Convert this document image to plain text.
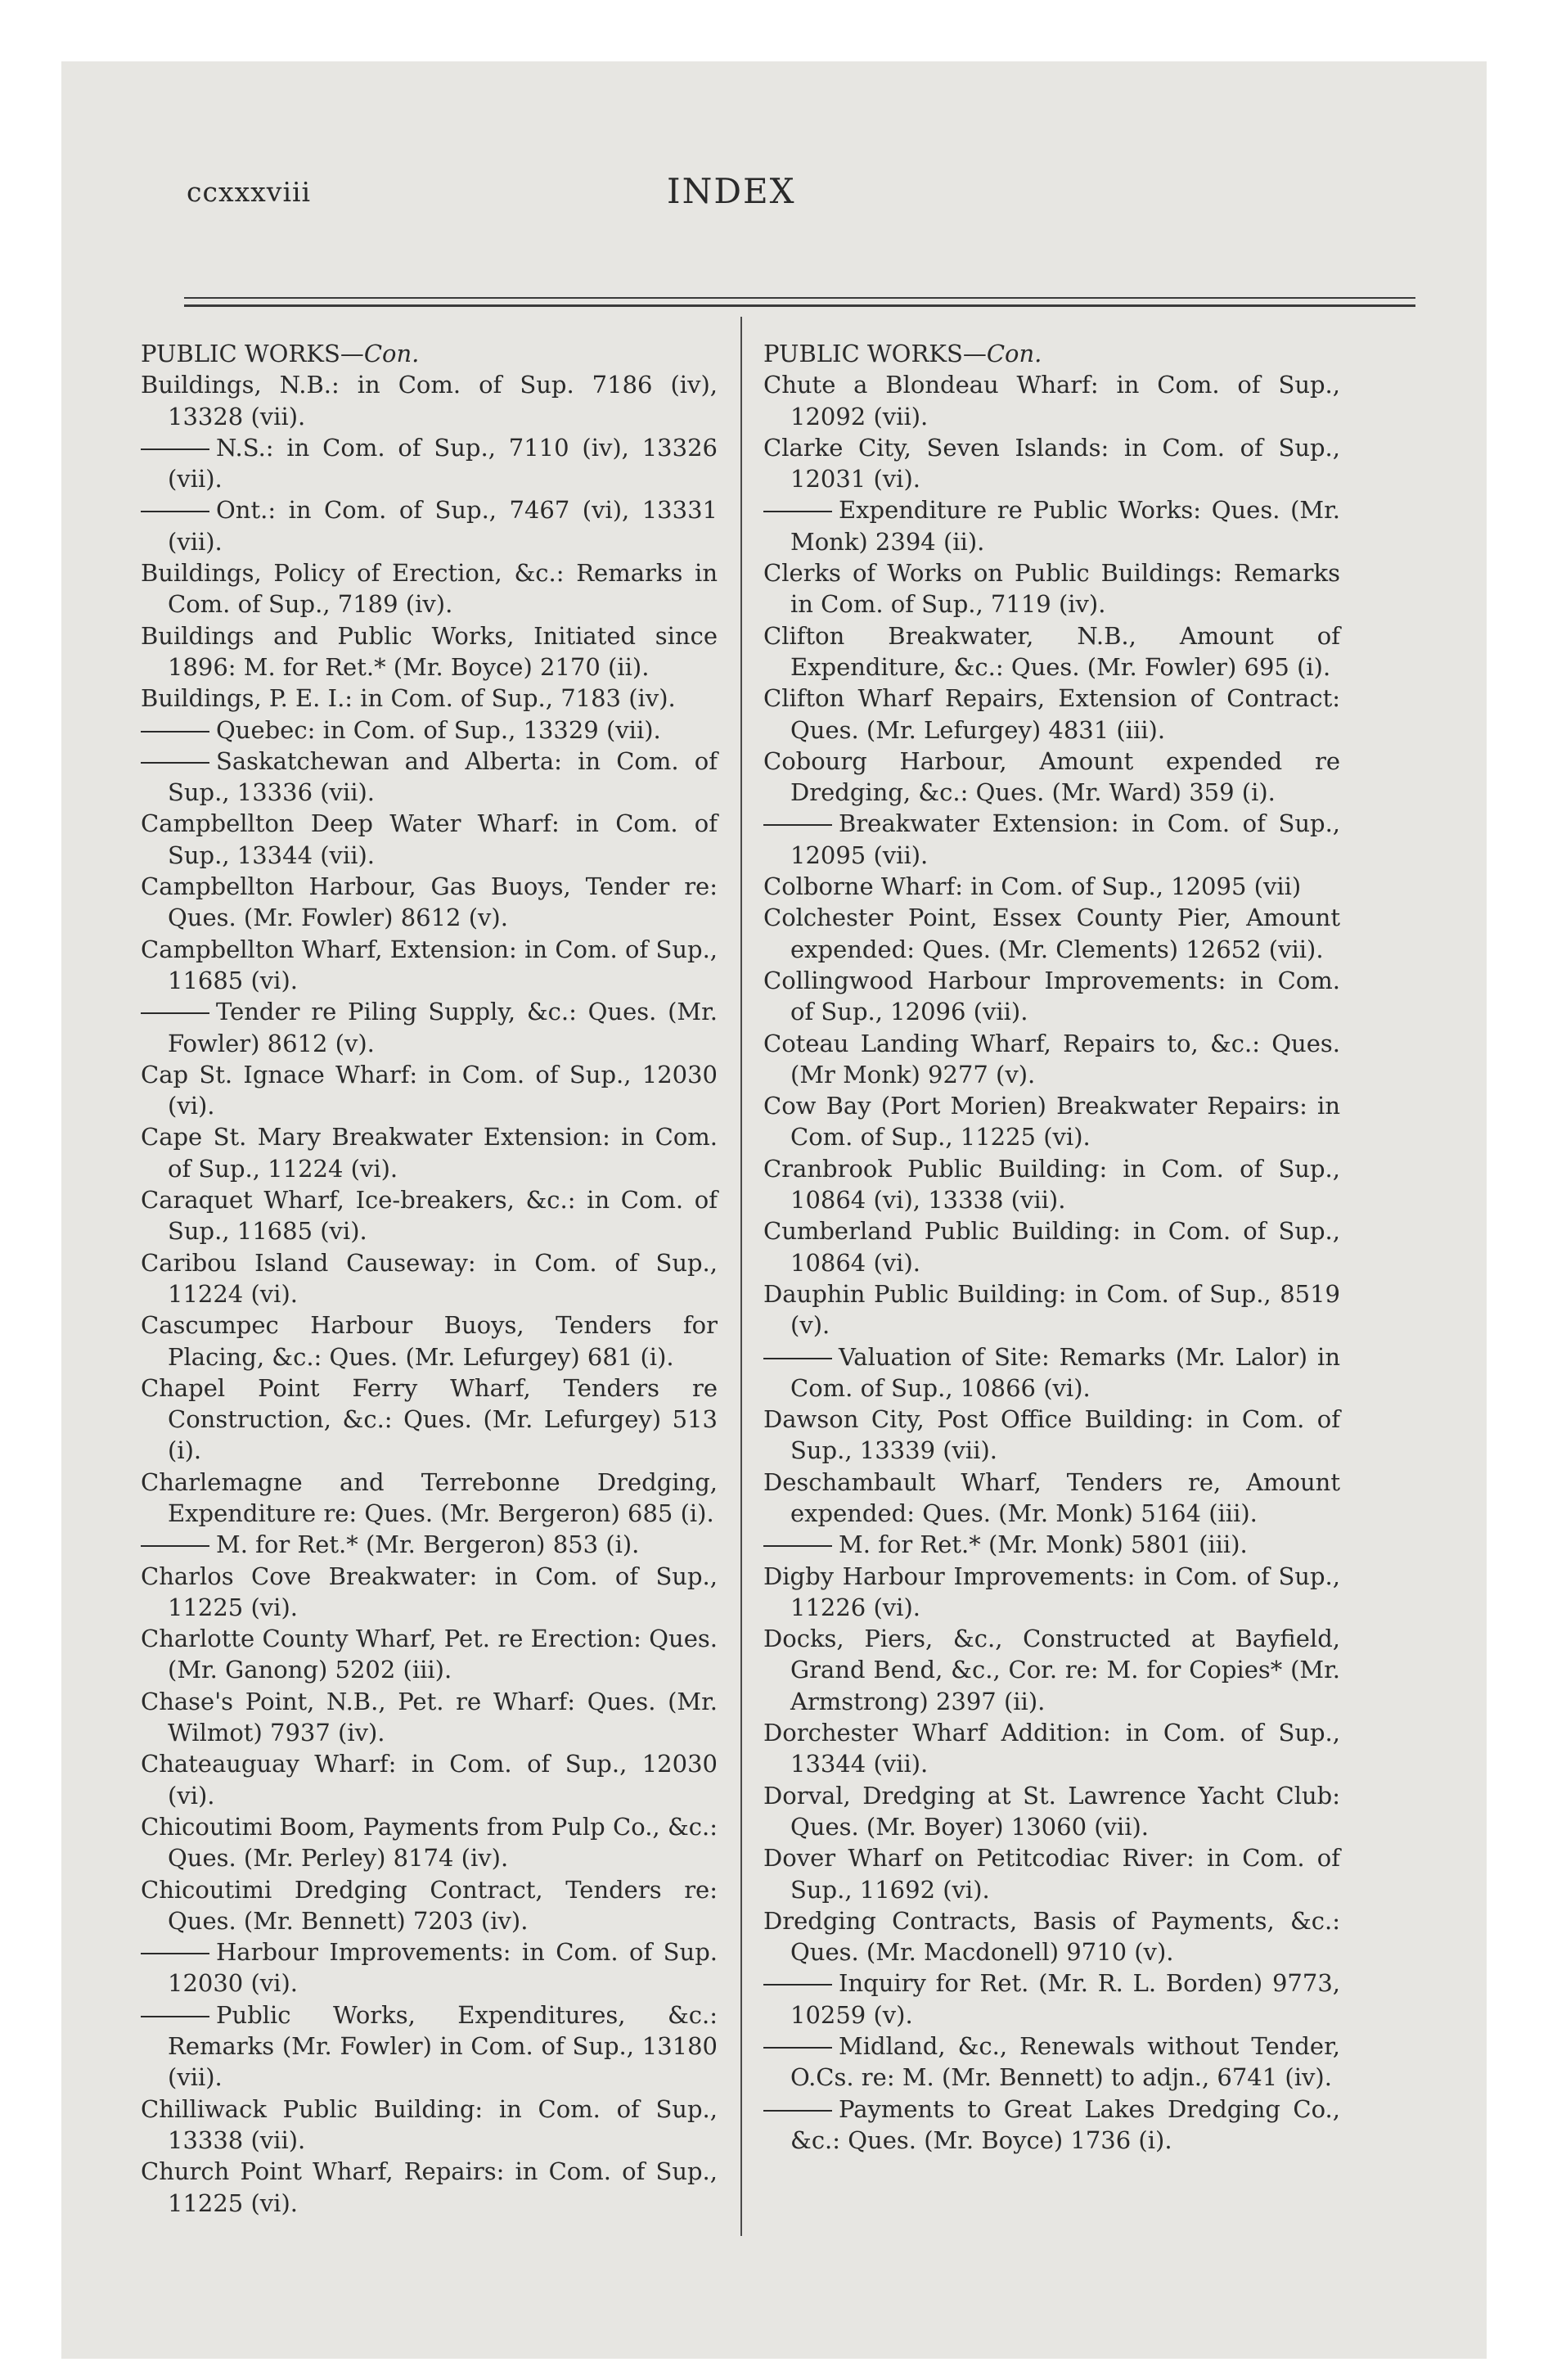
ccxxxviii	INDEX
PUBLIC WORKS—Con.
Buildings, N.B.: in Com. of Sup. 7186 (iv), 13328 (vii).
N.S.: in Com. of Sup., 7110 (iv), 13326 (vii).
Ont.: in Com. of Sup., 7467 (vi), 13331 (vii).
Buildings, Policy of Erection, &c.: Remarks in Com. of Sup., 7189 (iv).
Buildings and Public Works, Initiated since 1896: M. for Ret.* (Mr. Boyce) 2170 (ii).
Buildings, P. E. I.: in Com. of Sup., 7183 (iv).
Quebec: in Com. of Sup., 13329 (vii).
Saskatchewan and Alberta: in Com. of Sup., 13336 (vii).
Campbellton Deep Water Wharf: in Com. of Sup., 13344 (vii).
Campbellton Harbour, Gas Buoys, Tender re: Ques. (Mr. Fowler) 8612 (v).
Campbellton Wharf, Extension: in Com. of Sup., 11685 (vi).
Tender re Piling Supply, &c.: Ques. (Mr. Fowler) 8612 (v).
Cap St. Ignace Wharf: in Com. of Sup., 12030 (vi).
Cape St. Mary Breakwater Extension: in Com. of Sup., 11224 (vi).
Caraquet Wharf, Ice-breakers, &c.: in Com. of Sup., 11685 (vi).
Caribou Island Causeway: in Com. of Sup., 11224 (vi).
Cascumpec Harbour Buoys, Tenders for Placing, &c.: Ques. (Mr. Lefurgey) 681 (i).
Chapel Point Ferry Wharf, Tenders re Construction, &c.: Ques. (Mr. Lefurgey) 513 (i).
Charlemagne and Terrebonne Dredging, Expenditure re: Ques. (Mr. Bergeron) 685 (i).
M. for Ret.* (Mr. Bergeron) 853 (i).
Charlos Cove Breakwater: in Com. of Sup., 11225 (vi).
Charlotte County Wharf, Pet. re Erection: Ques. (Mr. Ganong) 5202 (iii).
Chase's Point, N.B., Pet. re Wharf: Ques. (Mr. Wilmot) 7937 (iv).
Chateauguay Wharf: in Com. of Sup., 12030 (vi).
Chicoutimi Boom, Payments from Pulp Co., &c.: Ques. (Mr. Perley) 8174 (iv).
Chicoutimi Dredging Contract, Tenders re: Ques. (Mr. Bennett) 7203 (iv).
Harbour Improvements: in Com. of Sup. 12030 (vi).
Public Works, Expenditures, &c.: Remarks (Mr. Fowler) in Com. of Sup., 13180 (vii).
Chilliwack Public Building: in Com. of Sup., 13338 (vii).
Church Point Wharf, Repairs: in Com. of Sup., 11225 (vi).
PUBLIC WORKS—Con.
Chute a Blondeau Wharf: in Com. of Sup., 12092 (vii).
Clarke City, Seven Islands: in Com. of Sup., 12031 (vi).
Expenditure re Public Works: Ques. (Mr. Monk) 2394 (ii).
Clerks of Works on Public Buildings: Remarks in Com. of Sup., 7119 (iv).
Clifton Breakwater, N.B., Amount of Expenditure, &c.: Ques. (Mr. Fowler) 695 (i).
Clifton Wharf Repairs, Extension of Contract: Ques. (Mr. Lefurgey) 4831 (iii).
Cobourg Harbour, Amount expended re Dredging, &c.: Ques. (Mr. Ward) 359 (i).
Breakwater Extension: in Com. of Sup., 12095 (vii).
Colborne Wharf: in Com. of Sup., 12095 (vii)
Colchester Point, Essex County Pier, Amount expended: Ques. (Mr. Clements) 12652 (vii).
Collingwood Harbour Improvements: in Com. of Sup., 12096 (vii).
Coteau Landing Wharf, Repairs to, &c.: Ques. (Mr Monk) 9277 (v).
Cow Bay (Port Morien) Breakwater Repairs: in Com. of Sup., 11225 (vi).
Cranbrook Public Building: in Com. of Sup., 10864 (vi), 13338 (vii).
Cumberland Public Building: in Com. of Sup., 10864 (vi).
Dauphin Public Building: in Com. of Sup., 8519 (v).
Valuation of Site: Remarks (Mr. Lalor) in Com. of Sup., 10866 (vi).
Dawson City, Post Office Building: in Com. of Sup., 13339 (vii).
Deschambault Wharf, Tenders re, Amount expended: Ques. (Mr. Monk) 5164 (iii).
M. for Ret.* (Mr. Monk) 5801 (iii).
Digby Harbour Improvements: in Com. of Sup., 11226 (vi).
Docks, Piers, &c., Constructed at Bayfield, Grand Bend, &c., Cor. re: M. for Copies* (Mr. Armstrong) 2397 (ii).
Dorchester Wharf Addition: in Com. of Sup., 13344 (vii).
Dorval, Dredging at St. Lawrence Yacht Club: Ques. (Mr. Boyer) 13060 (vii).
Dover Wharf on Petitcodiac River: in Com. of Sup., 11692 (vi).
Dredging Contracts, Basis of Payments, &c.: Ques. (Mr. Macdonell) 9710 (v).
Inquiry for Ret. (Mr. R. L. Borden) 9773, 10259 (v).
Midland, &c., Renewals without Tender, O.Cs. re: M. (Mr. Bennett) to adjn., 6741 (iv).
Payments to Great Lakes Dredging Co., &c.: Ques. (Mr. Boyce) 1736 (i).
